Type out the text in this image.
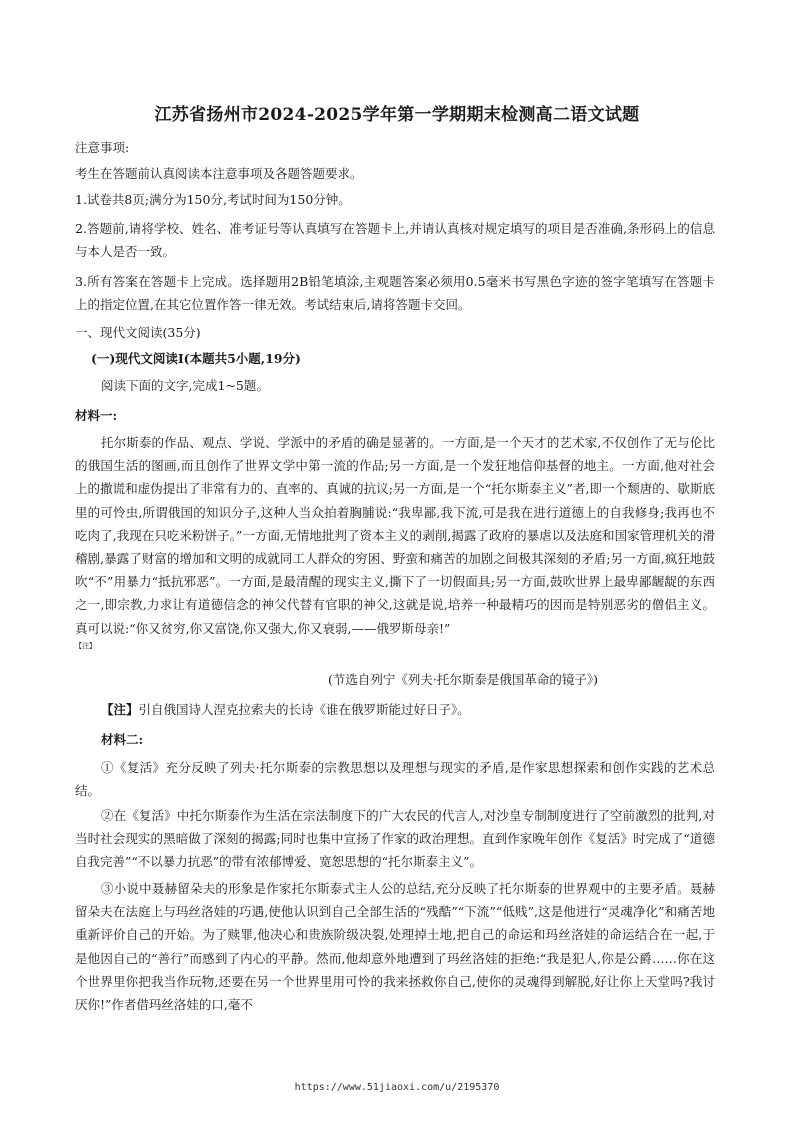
江苏省扬州市2024-2025学年第一学期期末检测高二语文试题
注意事项:
考生在答题前认真阅读本注意事项及各题答题要求。
1.试卷共8页;满分为150分,考试时间为150分钟。
2.答题前,请将学校、姓名、准考证号等认真填写在答题卡上,并请认真核对规定填写的项目是否准确,条形码上的信息与本人是否一致。
3.所有答案在答题卡上完成。选择题用2B铅笔填涂,主观题答案必须用0.5毫米书写黑色字迹的签字笔填写在答题卡上的指定位置,在其它位置作答一律无效。考试结束后,请将答题卡交回。
一、现代文阅读(35分)
(一)现代文阅读Ⅰ(本题共5小题,19分)
阅读下面的文字,完成1~5题。
材料一:
托尔斯泰的作品、观点、学说、学派中的矛盾的确是显著的。一方面,是一个天才的艺术家,不仅创作了无与伦比的俄国生活的图画,而且创作了世界文学中第一流的作品;另一方面,是一个发狂地信仰基督的地主。一方面,他对社会上的撒谎和虚伪提出了非常有力的、直率的、真诚的抗议;另一方面,是一个“托尔斯泰主义”者,即一个颓唐的、歇斯底里的可怜虫,所谓俄国的知识分子,这种人当众拍着胸脯说:“我卑鄙,我下流,可是我在进行道德上的自我修身;我再也不吃肉了,我现在只吃米粉饼子。”一方面,无情地批判了资本主义的剥削,揭露了政府的暴虐以及法庭和国家管理机关的滑稽剧,暴露了财富的增加和文明的成就同工人群众的穷困、野蛮和痛苦的加剧之间极其深刻的矛盾;另一方面,疯狂地鼓吹“不”用暴力“抵抗邪恶”。一方面,是最清醒的现实主义,撕下了一切假面具;另一方面,鼓吹世界上最卑鄙龌龊的东西之一,即宗教,力求让有道德信念的神父代替有官职的神父,这就是说,培养一种最精巧的因而是特别恶劣的僧侣主义。真可以说:“你又贫穷,你又富饶,你又强大,你又衰弱,——俄罗斯母亲!”
【注】
(节选自列宁《列夫·托尔斯泰是俄国革命的镜子》)
【注】引自俄国诗人涅克拉索夫的长诗《谁在俄罗斯能过好日子》。
材料二:
①《复活》充分反映了列夫·托尔斯泰的宗教思想以及理想与现实的矛盾,是作家思想探索和创作实践的艺术总结。
②在《复活》中托尔斯泰作为生活在宗法制度下的广大农民的代言人,对沙皇专制制度进行了空前激烈的批判,对当时社会现实的黑暗做了深刻的揭露;同时也集中宣扬了作家的政治理想。直到作家晚年创作《复活》时完成了“道德自我完善”“不以暴力抗恶”的带有浓郁博爱、宽恕思想的“托尔斯泰主义”。
③小说中聂赫留朵夫的形象是作家托尔斯泰式主人公的总结,充分反映了托尔斯泰的世界观中的主要矛盾。聂赫留朵夫在法庭上与玛丝洛娃的巧遇,使他认识到自己全部生活的“残酷”“下流”“低贱”,这是他进行“灵魂净化”和痛苦地重新评价自己的开始。为了赎罪,他决心和贵族阶级决裂,处理掉土地,把自己的命运和玛丝洛娃的命运结合在一起,于是他因自己的“善行”而感到了内心的平静。然而,他却意外地遭到了玛丝洛娃的拒绝:“我是犯人,你是公爵……你在这个世界里你把我当作玩物,还要在另一个世界里用可怜的我来拯救你自己,使你的灵魂得到解脱,好让你上天堂吗?我讨厌你!”作者借玛丝洛娃的口,毫不
https://www.51jiaoxi.com/u/2195370
